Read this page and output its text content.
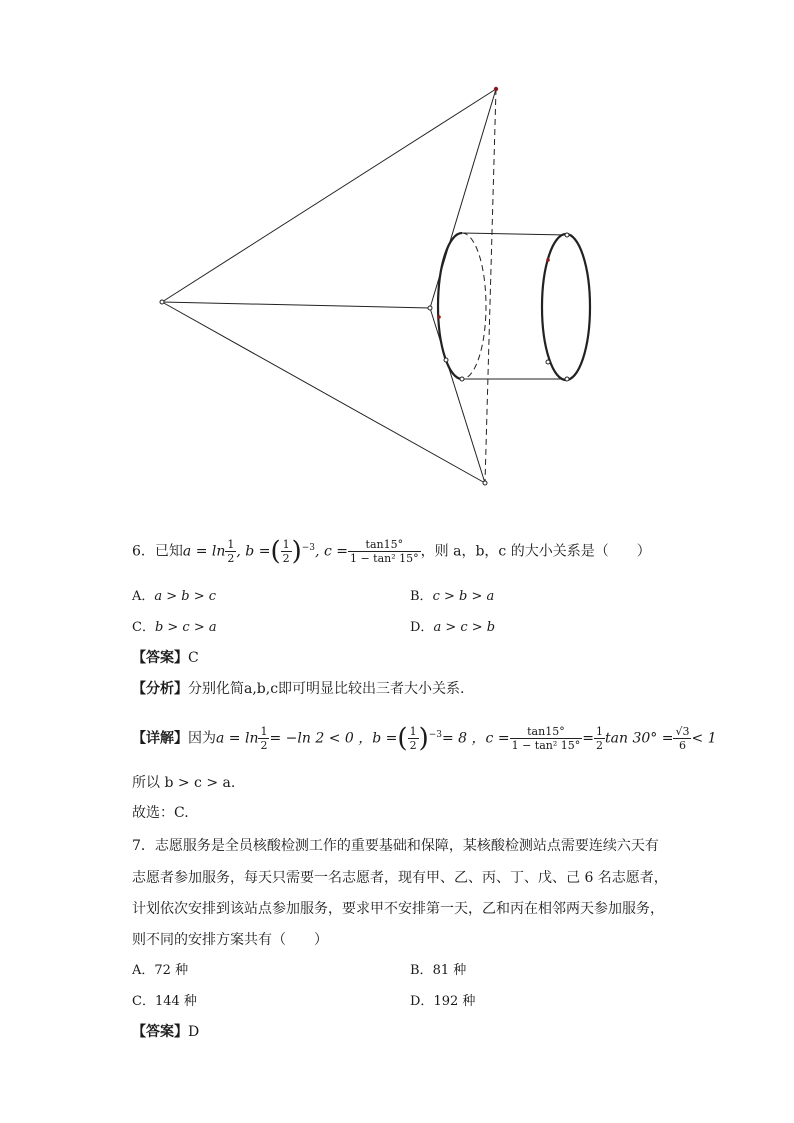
6．已知$a = \ln \frac{1}{2}$ , b =( $\frac{1}{2} )^{-3}$, $c = \frac{\tan 15^\circ}{\text{1 − tan² 15°}}$ ，则 a，b，c 的大小关系是（　　）
A．a > b > c	B．c > b > a
C．b > c > a	D．a > c > b
【答案】C
【分析】分别化简a,b,c即可明显比较出三者大小关系.
【详解】因为$a = \ln \frac{1}{2} = -\ln$ 2 < 0 ，b =( $\frac{1}{2} )^{-3}= 8$ ，$c = \frac{\tan 15^\circ}{\text{1 − tan² 15°}} = \frac{1}{2}$ $\tan 30^\circ = \frac{√3}{6} < 1$
所以 b > c > a.
故选：C.
7．志愿服务是全员核酸检测工作的重要基础和保障，某核酸检测站点需要连续六天有
志愿者参加服务，每天只需要一名志愿者，现有甲、乙、丙、丁、戊、己 6 名志愿者，
计划依次安排到该站点参加服务，要求甲不安排第一天，乙和丙在相邻两天参加服务，
则不同的安排方案共有（　　）
A．72 种	B．81 种
C．144 种	D．192 种
【答案】D
